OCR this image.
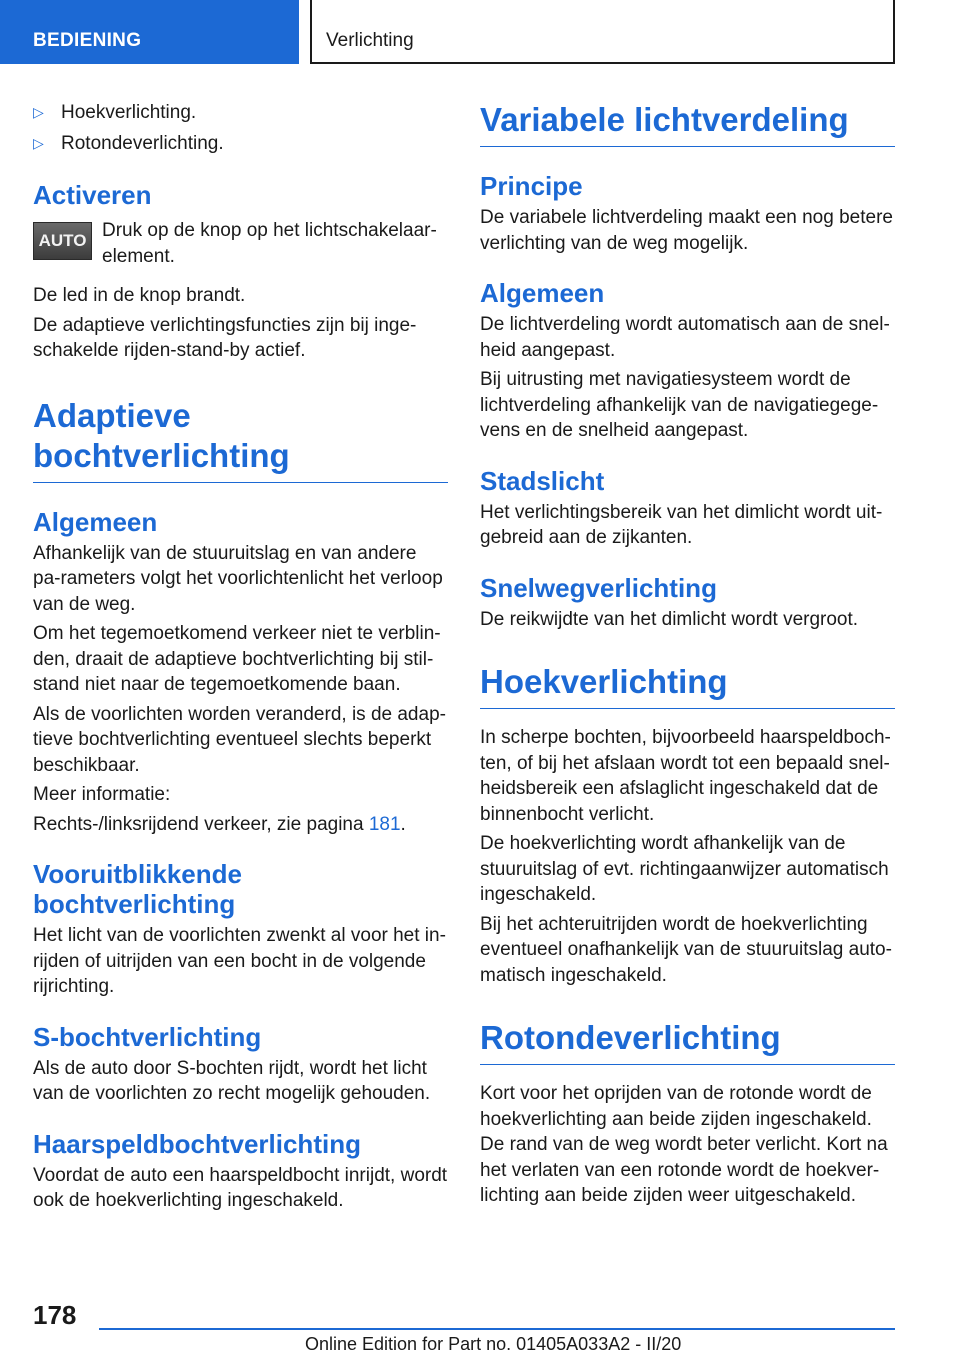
BEDIENING	Verlichting
▷ Hoekverlichting.
▷ Rotondeverlichting.
Activeren
AUTO Druk op de knop op het lichtschakelaar-element.

De led in de knop brandt.

De adaptieve verlichtingsfuncties zijn bij inge-schakelde rijden-stand-by actief.

Adaptieve bochtverlichting
Algemeen

Afhankelijk van de stuuruitslag en van andere pa-rameters volgt het voorlichtenlicht het verloop van de weg.

Om het tegemoetkomend verkeer niet te verblin-den, draait de adaptieve bochtverlichting bij stil-stand niet naar de tegemoetkomende baan.

Als de voorlichten worden veranderd, is de adap-tieve bochtverlichting eventueel slechts beperkt beschikbaar.

Meer informatie:

Rechts-/linksrijdend verkeer, zie pagina 181.

Vooruitblikkende bochtverlichting

Het licht van de voorlichten zwenkt al voor het in-rijden of uitrijden van een bocht in de volgende rijrichting.

S-bochtverlichting

Als de auto door S-bochten rijdt, wordt het licht van de voorlichten zo recht mogelijk gehouden.

Haarspeldbochtverlichting

Voordat de auto een haarspeldbocht inrijdt, wordt ook de hoekverlichting ingeschakeld.

Variabele lichtverdeling
Principe

De variabele lichtverdeling maakt een nog betere verlichting van de weg mogelijk.

Algemeen

De lichtverdeling wordt automatisch aan de snel-heid aangepast.

Bij uitrusting met navigatiesysteem wordt de lichtverdeling afhankelijk van de navigatiegege-vens en de snelheid aangepast.

Stadslicht

Het verlichtingsbereik van het dimlicht wordt uit-gebreid aan de zijkanten.

Snelwegverlichting

De reikwijdte van het dimlicht wordt vergroot.

Hoekverlichting

In scherpe bochten, bijvoorbeeld haarspeldboch-ten, of bij het afslaan wordt tot een bepaald snel-heidsbereik een afslaglicht ingeschakeld dat de binnenbocht verlicht.

De hoekverlichting wordt afhankelijk van de stuuruitslag of evt. richtingaanwijzer automatisch ingeschakeld.

Bij het achteruitrijden wordt de hoekverlichting eventueel onafhankelijk van de stuuruitslag auto-matisch ingeschakeld.

Rotondeverlichting

Kort voor het oprijden van de rotonde wordt de hoekverlichting aan beide zijden ingeschakeld. De rand van de weg wordt beter verlicht. Kort na het verlaten van een rotonde wordt de hoekver-lichting aan beide zijden weer uitgeschakeld.

178
Online Edition for Part no. 01405A033A2 - II/20
